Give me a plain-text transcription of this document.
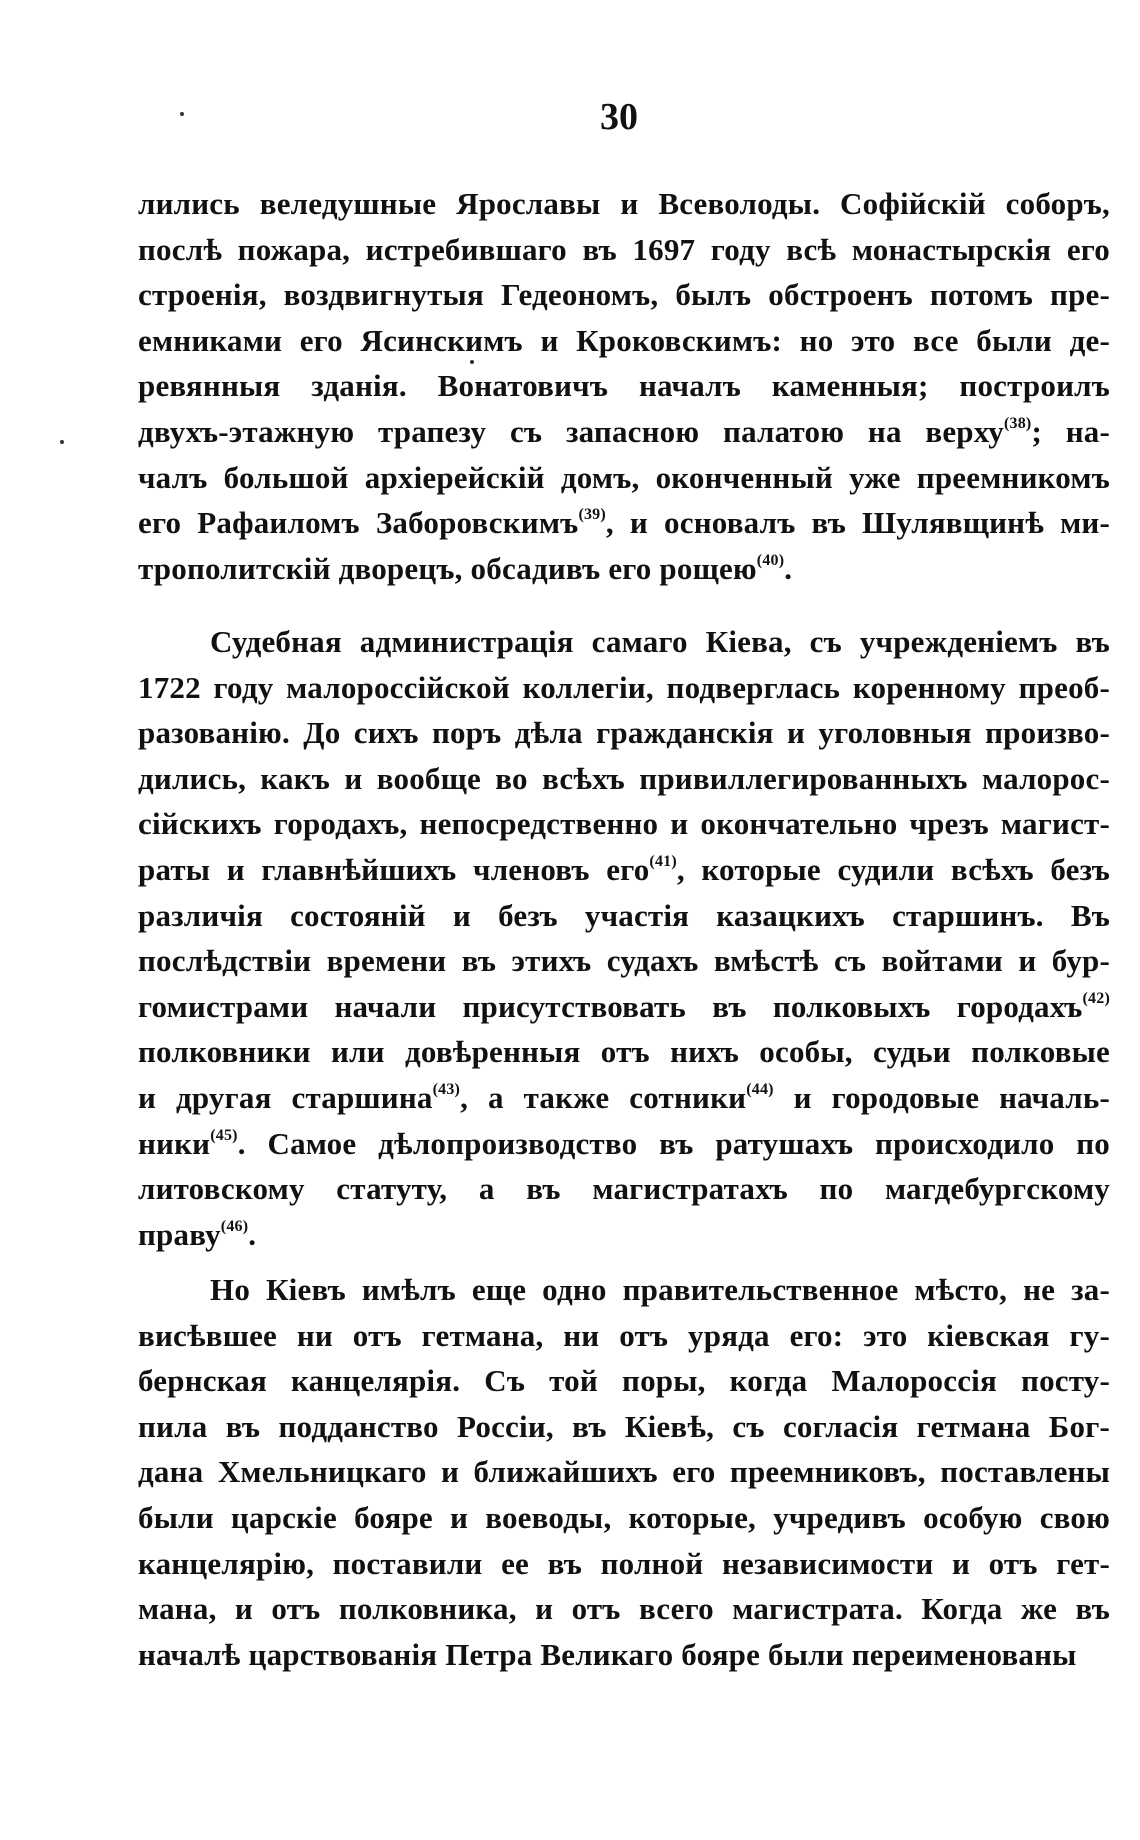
30
лились веледушные Ярославы и Всеволоды. Софійскій соборъ,
послѣ пожара, истребившаго въ 1697 году всѣ монастырскія его
строенія, воздвигнутыя Гедеономъ, былъ обстроенъ потомъ пре-
емниками его Ясинскимъ и Кроковскимъ: но это все были де-
ревянныя зданія. Вонатовичъ началъ каменныя; построилъ
двухъ-этажную трапезу съ запасною палатою на верху$^{(38)}$; на-
чалъ большой архіерейскій домъ, оконченный уже преемникомъ
его Рафаиломъ Заборовскимъ$^{(39)}$, и основалъ въ Шулявщинѣ ми-
трополитскій дворецъ, обсадивъ его рощею$^{(40)}$.
Судебная администрація самаго Кіева, съ учрежденіемъ въ
1722 году малороссійской коллегіи, подверглась коренному преоб-
разованію. До сихъ поръ дѣла гражданскія и уголовныя произво-
дились, какъ и вообще во всѣхъ привиллегированныхъ малорос-
сійскихъ городахъ, непосредственно и окончательно чрезъ магист-
раты и главнѣйшихъ членовъ его$^{(41)}$, которые судили всѣхъ безъ
различія состояній и безъ участія казацкихъ старшинъ. Въ
послѣдствіи времени въ этихъ судахъ вмѣстѣ съ войтами и бур-
гомистрами начали присутствовать въ полковыхъ городахъ$^{(42)}$
полковники или довѣренныя отъ нихъ особы, судьи полковые
и другая старшина$^{(43)}$, а также сотники$^{(44)}$ и городовые началь-
ники$^{(45)}$. Самое дѣлопроизводство въ ратушахъ происходило по
литовскому статуту, а въ магистратахъ по магдебургскому
праву$^{(46)}$.
Но Кіевъ имѣлъ еще одно правительственное мѣсто, не за-
висѣвшее ни отъ гетмана, ни отъ уряда его: это кіевская гу-
бернская канцелярія. Съ той поры, когда Малороссія посту-
пила въ подданство Россіи, въ Кіевѣ, съ согласія гетмана Бог-
дана Хмельницкаго и ближайшихъ его преемниковъ, поставлены
были царскіе бояре и воеводы, которые, учредивъ особую свою
канцелярію, поставили ее въ полной независимости и отъ гет-
мана, и отъ полковника, и отъ всего магистрата. Когда же въ
началѣ царствованія Петра Великаго бояре были переименованы
